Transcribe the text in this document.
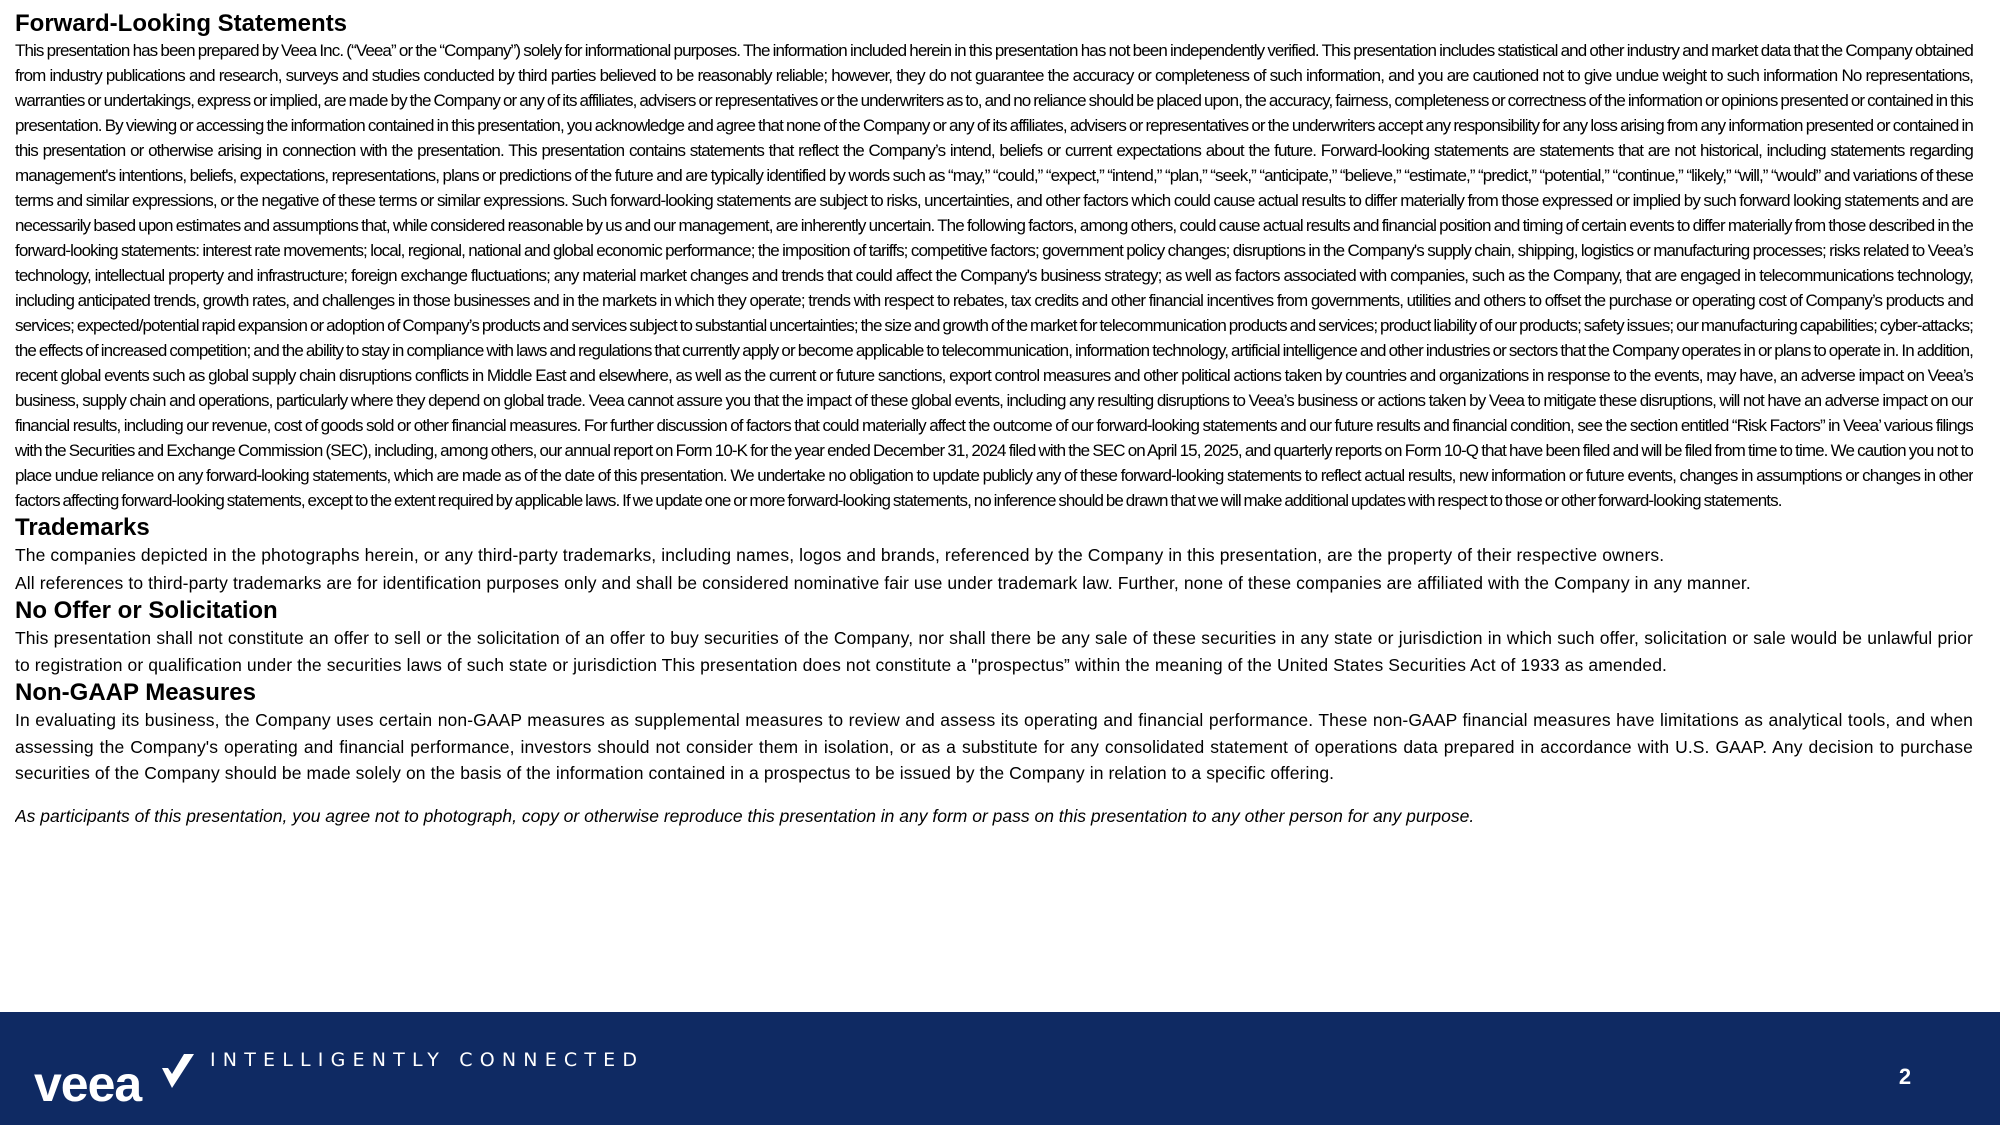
Forward-Looking Statements

This presentation has been prepared by Veea Inc. (“Veea” or the “Company”) solely for informational purposes. The information included herein in this presentation has not been independently verified. This presentation includes statistical and other industry and market data that the Company obtained from industry publications and research, surveys and studies conducted by third parties believed to be reasonably reliable; however, they do not guarantee the accuracy or completeness of such information, and you are cautioned not to give undue weight to such information No representations, warranties or undertakings, express or implied, are made by the Company or any of its affiliates, advisers or representatives or the underwriters as to, and no reliance should be placed upon, the accuracy, fairness, completeness or correctness of the information or opinions presented or contained in this presentation. By viewing or accessing the information contained in this presentation, you acknowledge and agree that none of the Company or any of its affiliates, advisers or representatives or the underwriters accept any responsibility for any loss arising from any information presented or contained in this presentation or otherwise arising in connection with the presentation. This presentation contains statements that reflect the Company’s intend, beliefs or current expectations about the future. Forward-looking statements are statements that are not historical, including statements regarding management's intentions, beliefs, expectations, representations, plans or predictions of the future and are typically identified by words such as “may,” “could,” “expect,” “intend,” “plan,” “seek,” “anticipate,” “believe,” “estimate,” “predict,” “potential,” “continue,” “likely,” “will,” “would” and variations of these terms and similar expressions, or the negative of these terms or similar expressions. Such forward-looking statements are subject to risks, uncertainties, and other factors which could cause actual results to differ materially from those expressed or implied by such forward looking statements and are necessarily based upon estimates and assumptions that, while considered reasonable by us and our management, are inherently uncertain. The following factors, among others, could cause actual results and financial position and timing of certain events to differ materially from those described in the forward-looking statements: interest rate movements; local, regional, national and global economic performance; the imposition of tariffs; competitive factors; government policy changes; disruptions in the Company's supply chain, shipping, logistics or manufacturing processes; risks related to Veea’s technology, intellectual property and infrastructure; foreign exchange fluctuations; any material market changes and trends that could affect the Company's business strategy; as well as factors associated with companies, such as the Company, that are engaged in telecommunications technology, including anticipated trends, growth rates, and challenges in those businesses and in the markets in which they operate; trends with respect to rebates, tax credits and other financial incentives from governments, utilities and others to offset the purchase or operating cost of Company’s products and services; expected/potential rapid expansion or adoption of Company’s products and services subject to substantial uncertainties; the size and growth of the market for telecommunication products and services; product liability of our products; safety issues; our manufacturing capabilities; cyber-attacks; the effects of increased competition; and the ability to stay in compliance with laws and regulations that currently apply or become applicable to telecommunication, information technology, artificial intelligence and other industries or sectors that the Company operates in or plans to operate in. In addition, recent global events such as global supply chain disruptions conflicts in Middle East and elsewhere, as well as the current or future sanctions, export control measures and other political actions taken by countries and organizations in response to the events, may have, an adverse impact on Veea’s business, supply chain and operations, particularly where they depend on global trade. Veea cannot assure you that the impact of these global events, including any resulting disruptions to Veea’s business or actions taken by Veea to mitigate these disruptions, will not have an adverse impact on our financial results, including our revenue, cost of goods sold or other financial measures. For further discussion of factors that could materially affect the outcome of our forward-looking statements and our future results and financial condition, see the section entitled “Risk Factors” in Veea’ various filings with the Securities and Exchange Commission (SEC), including, among others, our annual report on Form 10-K for the year ended December 31, 2024 filed with the SEC on April 15, 2025, and quarterly reports on Form 10-Q that have been filed and will be filed from time to time. We caution you not to place undue reliance on any forward-looking statements, which are made as of the date of this presentation. We undertake no obligation to update publicly any of these forward-looking statements to reflect actual results, new information or future events, changes in assumptions or changes in other factors affecting forward-looking statements, except to the extent required by applicable laws. If we update one or more forward-looking statements, no inference should be drawn that we will make additional updates with respect to those or other forward-looking statements.

Trademarks

The companies depicted in the photographs herein, or any third-party trademarks, including names, logos and brands, referenced by the Company in this presentation, are the property of their respective owners.

All references to third-party trademarks are for identification purposes only and shall be considered nominative fair use under trademark law. Further, none of these companies are affiliated with the Company in any manner.

No Offer or Solicitation

This presentation shall not constitute an offer to sell or the solicitation of an offer to buy securities of the Company, nor shall there be any sale of these securities in any state or jurisdiction in which such offer, solicitation or sale would be unlawful prior to registration or qualification under the securities laws of such state or jurisdiction This presentation does not constitute a "prospectus” within the meaning of the United States Securities Act of 1933 as amended.

Non-GAAP Measures

In evaluating its business, the Company uses certain non-GAAP measures as supplemental measures to review and assess its operating and financial performance. These non-GAAP financial measures have limitations as analytical tools, and when assessing the Company's operating and financial performance, investors should not consider them in isolation, or as a substitute for any consolidated statement of operations data prepared in accordance with U.S. GAAP. Any decision to purchase securities of the Company should be made solely on the basis of the information contained in a prospectus to be issued by the Company in relation to a specific offering.

As participants of this presentation, you agree not to photograph, copy or otherwise reproduce this presentation in any form or pass on this presentation to any other person for any purpose.

veea	INTELLIGENTLY CONNECTED
2
